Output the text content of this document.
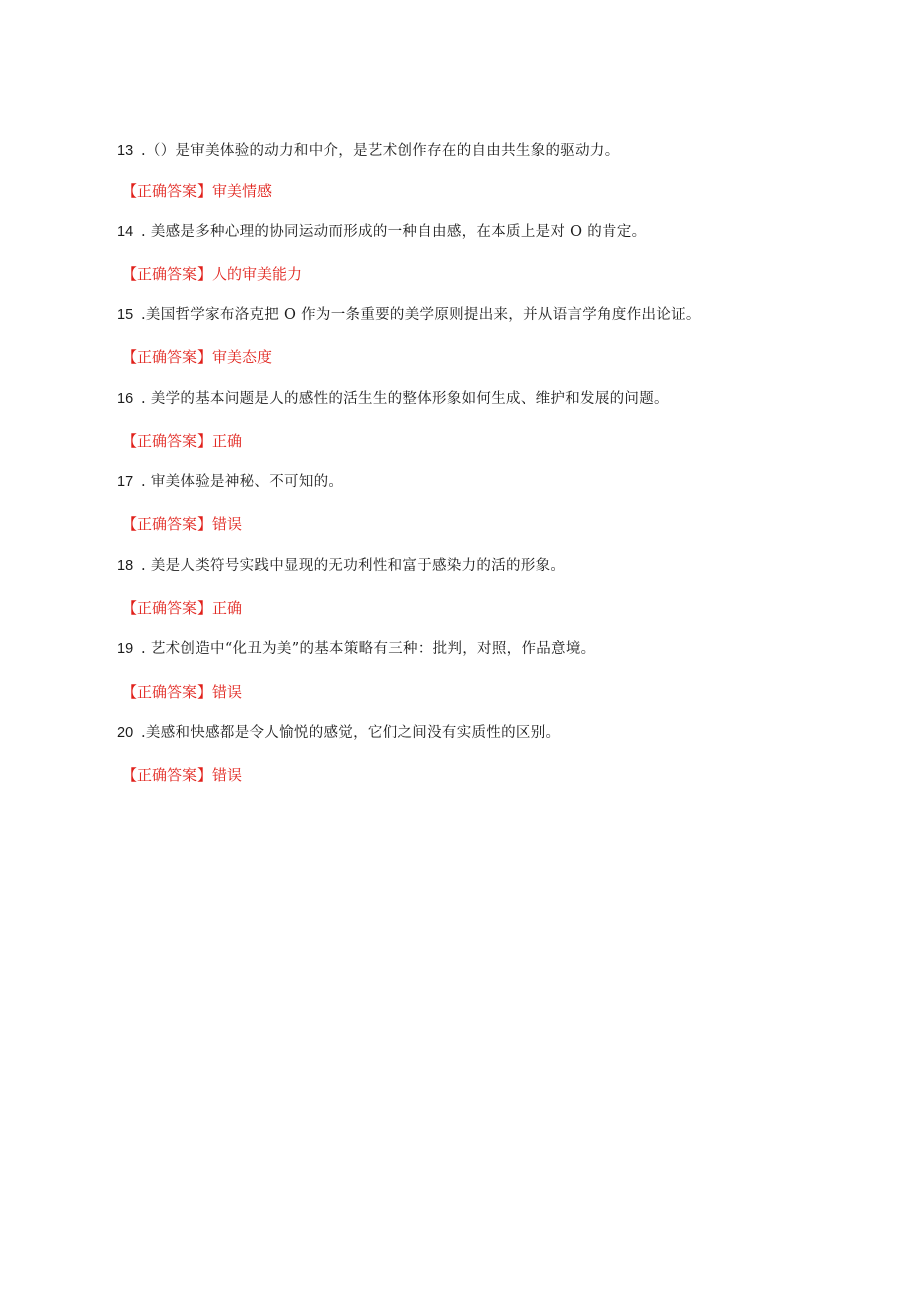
13 .（）是审美体验的动力和中介，是艺术创作存在的自由共生象的驱动力。
【正确答案】审美情感
14 . 美感是多种心理的协同运动而形成的一种自由感，在本质上是对 O 的肯定。
【正确答案】人的审美能力
15 .美国哲学家布洛克把 O 作为一条重要的美学原则提出来，并从语言学角度作出论证。
【正确答案】审美态度
16 . 美学的基本问题是人的感性的活生生的整体形象如何生成、维护和发展的问题。
【正确答案】正确
17 . 审美体验是神秘、不可知的。
【正确答案】错误
18 . 美是人类符号实践中显现的无功利性和富于感染力的活的形象。
【正确答案】正确
19 . 艺术创造中“化丑为美”的基本策略有三种：批判，对照，作品意境。
【正确答案】错误
20 .美感和快感都是令人愉悦的感觉，它们之间没有实质性的区别。
【正确答案】错误
